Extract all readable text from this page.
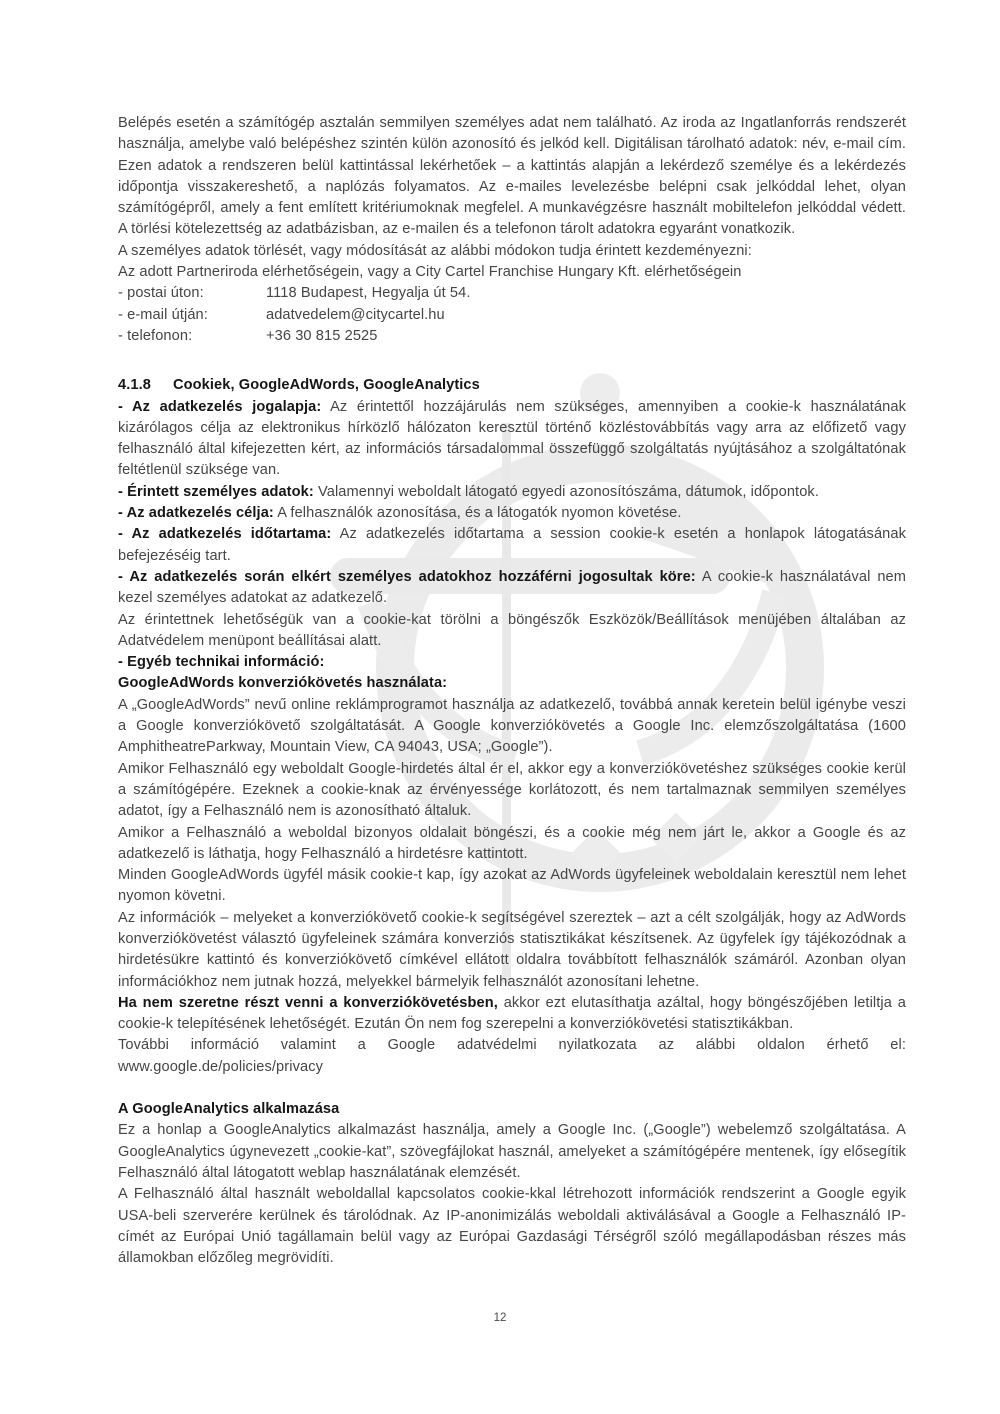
Belépés esetén a számítógép asztalán semmilyen személyes adat nem található. Az iroda az Ingatlanforrás rendszerét használja, amelybe való belépéshez szintén külön azonosító és jelkód kell. Digitálisan tárolható adatok: név, e-mail cím. Ezen adatok a rendszeren belül kattintással lekérhetőek – a kattintás alapján a lekérdező személye és a lekérdezés időpontja visszakereshető, a naplózás folyamatos. Az e-mailes levelezésbe belépni csak jelkóddal lehet, olyan számítógépről, amely a fent említett kritériumoknak megfelel. A munkavégzésre használt mobiltelefon jelkóddal védett. A törlési kötelezettség az adatbázisban, az e-mailen és a telefonon tárolt adatokra egyaránt vonatkozik.

A személyes adatok törlését, vagy módosítását az alábbi módokon tudja érintett kezdeményezni:

Az adott Partneriroda elérhetőségein, vagy a City Cartel Franchise Hungary Kft. elérhetőségein

- postai úton:	1118 Budapest, Hegyalja út 54.
- e-mail útján:	adatvedelem@citycartel.hu
- telefonon:	+36 30 815 2525
4.1.8 Cookiek, GoogleAdWords, GoogleAnalytics

- Az adatkezelés jogalapja: Az érintettől hozzájárulás nem szükséges, amennyiben a cookie-k használatának kizárólagos célja az elektronikus hírközlő hálózaton keresztül történő közléstovábbítás vagy arra az előfizető vagy felhasználó által kifejezetten kért, az információs társadalommal összefüggő szolgáltatás nyújtásához a szolgáltatónak feltétlenül szüksége van.

- Érintett személyes adatok: Valamennyi weboldalt látogató egyedi azonosítószáma, dátumok, időpontok.

- Az adatkezelés célja: A felhasználók azonosítása, és a látogatók nyomon követése.

- Az adatkezelés időtartama: Az adatkezelés időtartama a session cookie-k esetén a honlapok látogatásának befejezéséig tart.

- Az adatkezelés során elkért személyes adatokhoz hozzáférni jogosultak köre: A cookie-k használatával nem kezel személyes adatokat az adatkezelő.

Az érintettnek lehetőségük van a cookie-kat törölni a böngészők Eszközök/Beállítások menüjében általában az Adatvédelem menüpont beállításai alatt.

- Egyéb technikai információ:

GoogleAdWords konverziókövetés használata:

A „GoogleAdWords” nevű online reklámprogramot használja az adatkezelő, továbbá annak keretein belül igénybe veszi a Google konverziókövető szolgáltatását. A Google konverziókövetés a Google Inc. elemzőszolgáltatása (1600 AmphitheatreParkway, Mountain View, CA 94043, USA; „Google”).

Amikor Felhasználó egy weboldalt Google-hirdetés által ér el, akkor egy a konverziókövetéshez szükséges cookie kerül a számítógépére. Ezeknek a cookie-knak az érvényessége korlátozott, és nem tartalmaznak semmilyen személyes adatot, így a Felhasználó nem is azonosítható általuk.

Amikor a Felhasználó a weboldal bizonyos oldalait böngészi, és a cookie még nem járt le, akkor a Google és az adatkezelő is láthatja, hogy Felhasználó a hirdetésre kattintott.

Minden GoogleAdWords ügyfél másik cookie-t kap, így azokat az AdWords ügyfeleinek weboldalain keresztül nem lehet nyomon követni.

Az információk – melyeket a konverziókövető cookie-k segítségével szereztek – azt a célt szolgálják, hogy az AdWords konverziókövetést választó ügyfeleinek számára konverziós statisztikákat készítsenek. Az ügyfelek így tájékozódnak a hirdetésükre kattintó és konverziókövető címkével ellátott oldalra továbbított felhasználók számáról. Azonban olyan információkhoz nem jutnak hozzá, melyekkel bármelyik felhasználót azonosítani lehetne.

Ha nem szeretne részt venni a konverziókövetésben, akkor ezt elutasíthatja azáltal, hogy böngészőjében letiltja a cookie-k telepítésének lehetőségét. Ezután Ön nem fog szerepelni a konverziókövetési statisztikákban.

További információ valamint a Google adatvédelmi nyilatkozata az alábbi oldalon érhető el:

www.google.de/policies/privacy

A GoogleAnalytics alkalmazása

Ez a honlap a GoogleAnalytics alkalmazást használja, amely a Google Inc. („Google”) webelemző szolgáltatása. A GoogleAnalytics úgynevezett „cookie-kat”, szövegfájlokat használ, amelyeket a számítógépére mentenek, így elősegítik Felhasználó által látogatott weblap használatának elemzését.

A Felhasználó által használt weboldallal kapcsolatos cookie-kkal létrehozott információk rendszerint a Google egyik USA-beli szerverére kerülnek és tárolódnak. Az IP-anonimizálás weboldali aktiválásával a Google a Felhasználó IP-címét az Európai Unió tagállamain belül vagy az Európai Gazdasági Térségről szóló megállapodásban részes más államokban előzőleg megrövidíti.

12
